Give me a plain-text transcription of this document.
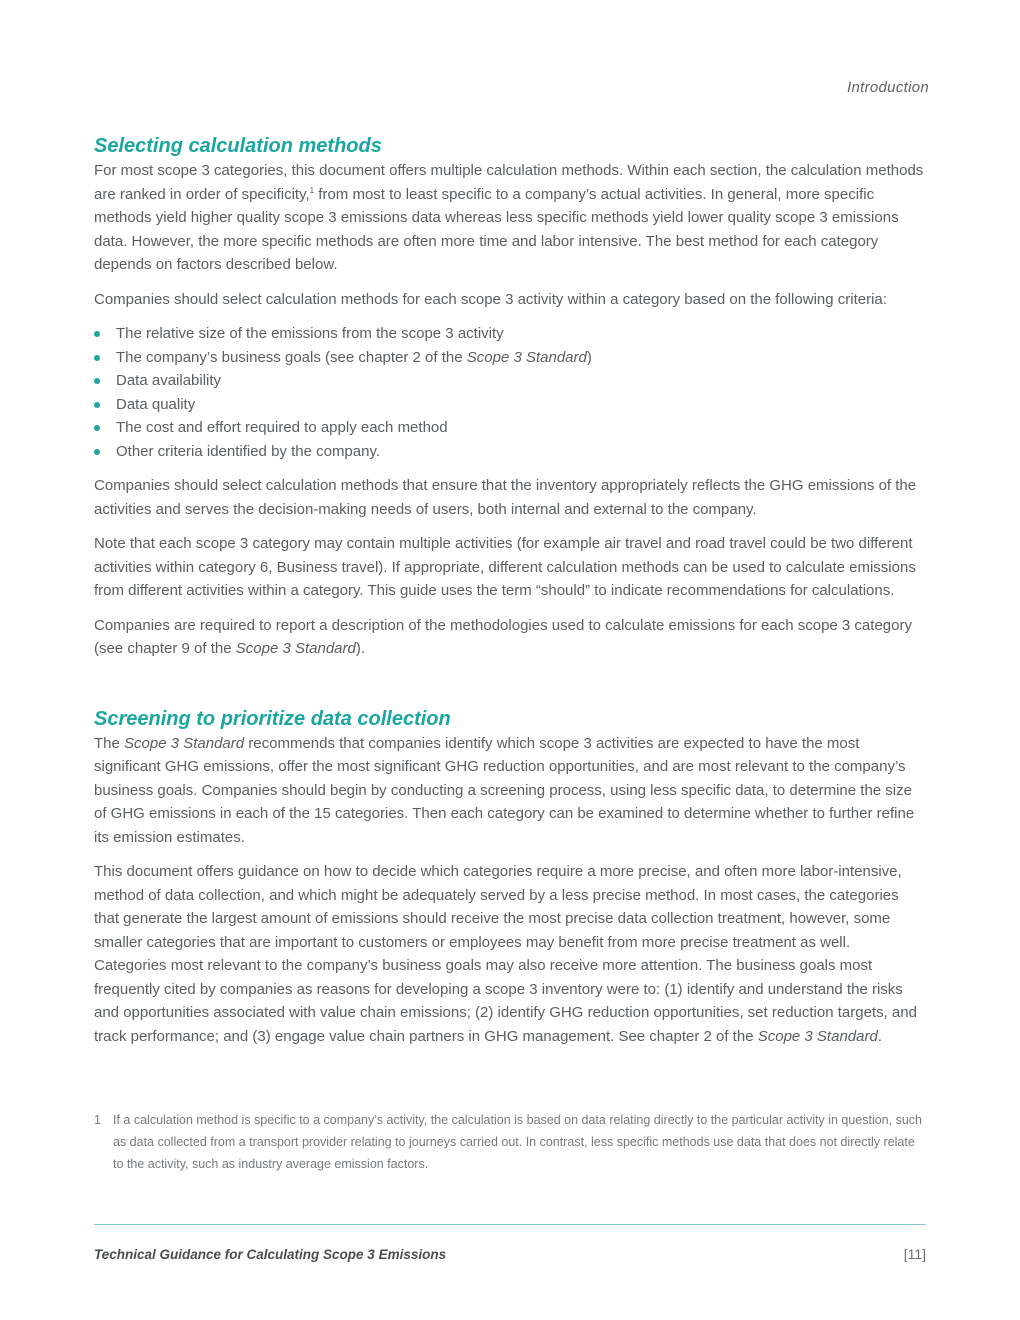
Introduction
Selecting calculation methods

For most scope 3 categories, this document offers multiple calculation methods. Within each section, the calculation methods are ranked in order of specificity,$^1$ from most to least specific to a company’s actual activities. In general, more specific methods yield higher quality scope 3 emissions data whereas less specific methods yield lower quality scope 3 emissions data. However, the more specific methods are often more time and labor intensive. The best method for each category depends on factors described below.

Companies should select calculation methods for each scope 3 activity within a category based on the following criteria:

The relative size of the emissions from the scope 3 activity
The company’s business goals (see chapter 2 of the Scope 3 Standard)
Data availability
Data quality
The cost and effort required to apply each method
Other criteria identified by the company.

Companies should select calculation methods that ensure that the inventory appropriately reflects the GHG emissions of the activities and serves the decision-making needs of users, both internal and external to the company.

Note that each scope 3 category may contain multiple activities (for example air travel and road travel could be two different activities within category 6, Business travel). If appropriate, different calculation methods can be used to calculate emissions from different activities within a category. This guide uses the term “should” to indicate recommendations for calculations.

Companies are required to report a description of the methodologies used to calculate emissions for each scope 3 category (see chapter 9 of the Scope 3 Standard).

Screening to prioritize data collection

The Scope 3 Standard recommends that companies identify which scope 3 activities are expected to have the most significant GHG emissions, offer the most significant GHG reduction opportunities, and are most relevant to the company’s business goals. Companies should begin by conducting a screening process, using less specific data, to determine the size of GHG emissions in each of the 15 categories. Then each category can be examined to determine whether to further refine its emission estimates.

This document offers guidance on how to decide which categories require a more precise, and often more labor-intensive, method of data collection, and which might be adequately served by a less precise method. In most cases, the categories that generate the largest amount of emissions should receive the most precise data collection treatment, however, some smaller categories that are important to customers or employees may benefit from more precise treatment as well. Categories most relevant to the company’s business goals may also receive more attention. The business goals most frequently cited by companies as reasons for developing a scope 3 inventory were to: (1) identify and understand the risks and opportunities associated with value chain emissions; (2) identify GHG reduction opportunities, set reduction targets, and track performance; and (3) engage value chain partners in GHG management. See chapter 2 of the Scope 3 Standard.

1 If a calculation method is specific to a company’s activity, the calculation is based on data relating directly to the particular activity in question, such as data collected from a transport provider relating to journeys carried out. In contrast, less specific methods use data that does not directly relate to the activity, such as industry average emission factors.
Technical Guidance for Calculating Scope 3 Emissions	[11]
